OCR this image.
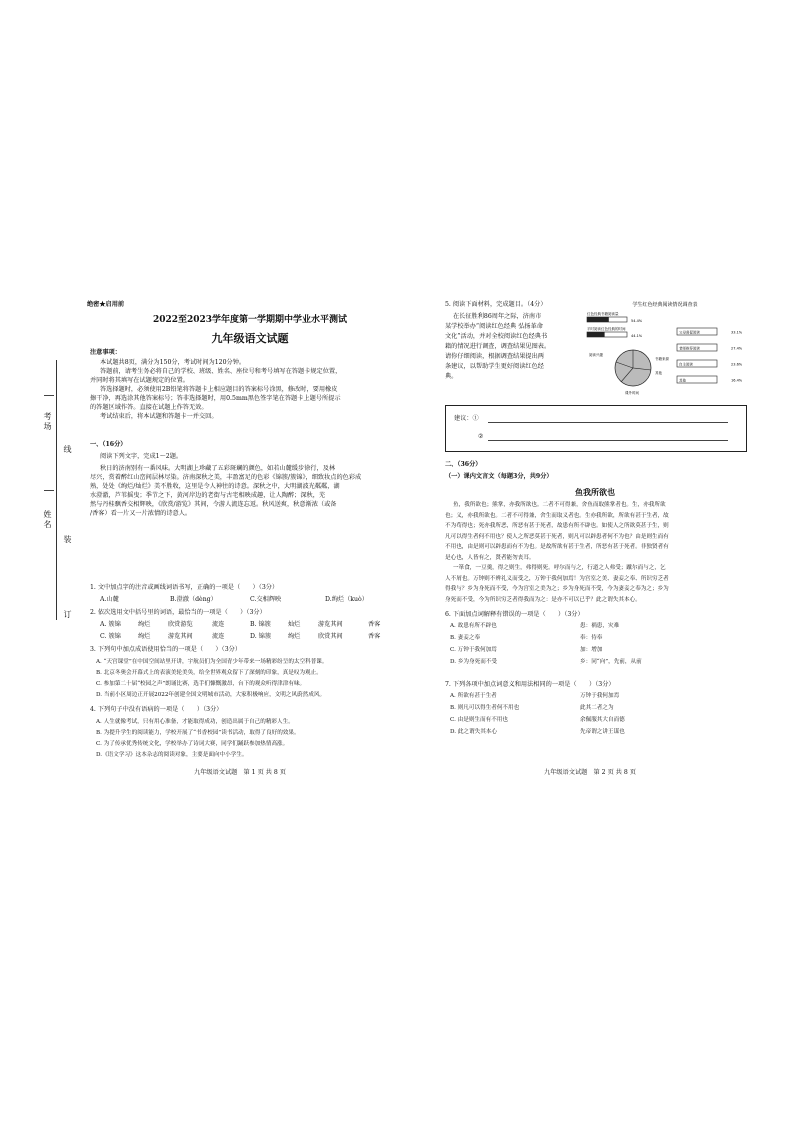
考场
线
姓名
装
订
绝密★启用前
2022至2023学年度第一学期期中学业水平测试
九年级语文试题
注意事项：
本试题共8页，满分为150分，考试时间为120分钟。
答题前，请考生务必将自己的学校、班级、姓名、座位号和考号填写在答题卡规定位置，
并同时将其填写在试题规定的位置。
答选择题时，必须使用2B铅笔将答题卡上相应题目的答案标号涂黑，修改时，要用橡皮
擦干净，再选涂其他答案标号；答非选择题时，用0.5mm黑色签字笔在答题卡上题号所提示
的答题区域作答。直接在试题上作答无效。
考试结束后，将本试题和答题卡一并交回。
一、（16分）
阅读下列文字，完成1～2题。
秋日的济南别有一番风味。大明湖上珍藏了五彩斑斓的颜色，如若山麓缓步徐行，及林
尽兴，赏着醉红山峦间层林尽染。济南深秋之美，丰盈富足的色彩《锦簇/簇锦》，细致妆点的色彩成
熟，处处《绚烂/灿烂》美不胜收，这里是令人神往的诗意。深秋之中，大明湖波光粼粼，湖
水澄澈，芦苇摇曳；季节之下，黄河岸边的老街与古宅相映成趣，让人陶醉；深秋，芜
然与丹桂飘香交相辉映，《欣赏/游览》其间，令游人流连忘返。秋风送爽，秋意渐浓（或备
/香客）看一片又一片浓情的诗意人。
1. 文中加点字的注音或画线词语书写，正确的一项是（　　）（3分）
A.山麓	B.澄澈（dèng）	C.交相辉映	D.绚烂（kuò）
2. 依次选用文中括号里的词语，最恰当的一项是（　　）（3分）
A. 簇锦	绚烂	欣赏游览	流连	B. 锦簇	灿烂	游览其间	香客
C. 簇锦	绚烂	游览其间	流连	D. 锦簇	绚烂	欣赏其间	香客
3. 下列句中加点成语使用恰当的一项是（　　）（3分）
A. “天宫课堂”在中国空间站里开讲，宇航员们为全国青少年带来一场精彩纷呈的太空科普课。
B. 北京冬奥会开幕式上的表演美轮美奂，给全世界观众留下了深刻的印象，真是叹为观止。
C. 参加第二十届“校园之声”朗诵比赛，选手们慷慨激昂，台下的观众听得津津有味。
D. 当前小区周边正开展2022年创建全国文明城市活动，大家积极响应，文明之风蔚然成风。
4. 下列句子中没有语病的一项是（　　）（3分）
A. 人生就像考试，只有用心准备，才能取得成功，创造出属于自己的精彩人生。
B. 为提升学生的阅读能力，学校开展了“书香校园”读书活动，取得了良好的效果。
C. 为了传承优秀传统文化，学校举办了诗词大赛，同学们踊跃参加热情高涨。
D.《语文学习》这本杂志的阅读对象，主要是面向中小学生。
九年级语文试题　第 1 页 共 8 页
5. 阅读下面材料，完成题目。（4分）
在长征胜利86周年之际，济南市
某学校举办“阅读红色经典 弘扬革命
文化”活动，并对全校阅读红色经典书
籍的情况进行调查，调查结果见图表。
请你仔细阅读，根据调查结果提出两
条建议，以帮助学生更好阅读红色经
典。
学生红色经典阅读情况调查表
红色经典书籍阅读量
54.4%
平时阅读红色经典的时间
44.1%
阅读兴趣
书籍来源
其他
课外时间
父母督促阅读	33.1%
老师推荐阅读	27.4%
自主阅读	23.6%
其他	16.4%
建议：①
②
二、（36分）
（一）课内文言文（每题3分，共9分）
鱼我所欲也
鱼，我所欲也；熊掌，亦我所欲也。二者不可得兼，舍鱼而取熊掌者也。生，亦我所欲
也；义，亦我所欲也。二者不可得兼，舍生而取义者也。生亦我所欲，所欲有甚于生者，故
不为苟得也；死亦我所恶，所恶有甚于死者，故患有所不辟也。如使人之所欲莫甚于生，则
凡可以得生者何不用也？使人之所恶莫甚于死者，则凡可以辟患者何不为也？由是则生而有
不用也，由是则可以辟患而有不为也。是故所欲有甚于生者，所恶有甚于死者。非独贤者有
是心也，人皆有之，贤者能勿丧耳。
一箪食，一豆羹，得之则生，弗得则死。呼尔而与之，行道之人弗受；蹴尔而与之，乞
人不屑也。万钟则不辨礼义而受之，万钟于我何加焉！为宫室之美、妻妾之奉、所识穷乏者
得我与？乡为身死而不受，今为宫室之美为之；乡为身死而不受，今为妻妾之奉为之；乡为
身死而不受，今为所识穷乏者得我而为之：是亦不可以已乎？此之谓失其本心。
6. 下面加点词解释有错误的一项是（　　）（3分）
A. 故患有所不辟也	患：祸患，灾难
B. 妻妾之奉	奉：侍奉
C. 万钟于我何加焉	加：增加
D. 乡为身死而不受	乡：同“向”，先前，从前
7. 下列各项中加点词意义和用法相同的一项是（　　）（3分）
A. 所欲有甚于生者	万钟于我何加焉
B. 则凡可以得生者何不用也	此其二者之为
C. 由是则生而有不用也	余佩服其大自而德
D. 此之谓失其本心	先帝谓之讲王谋也
九年级语文试题　第 2 页 共 8 页
